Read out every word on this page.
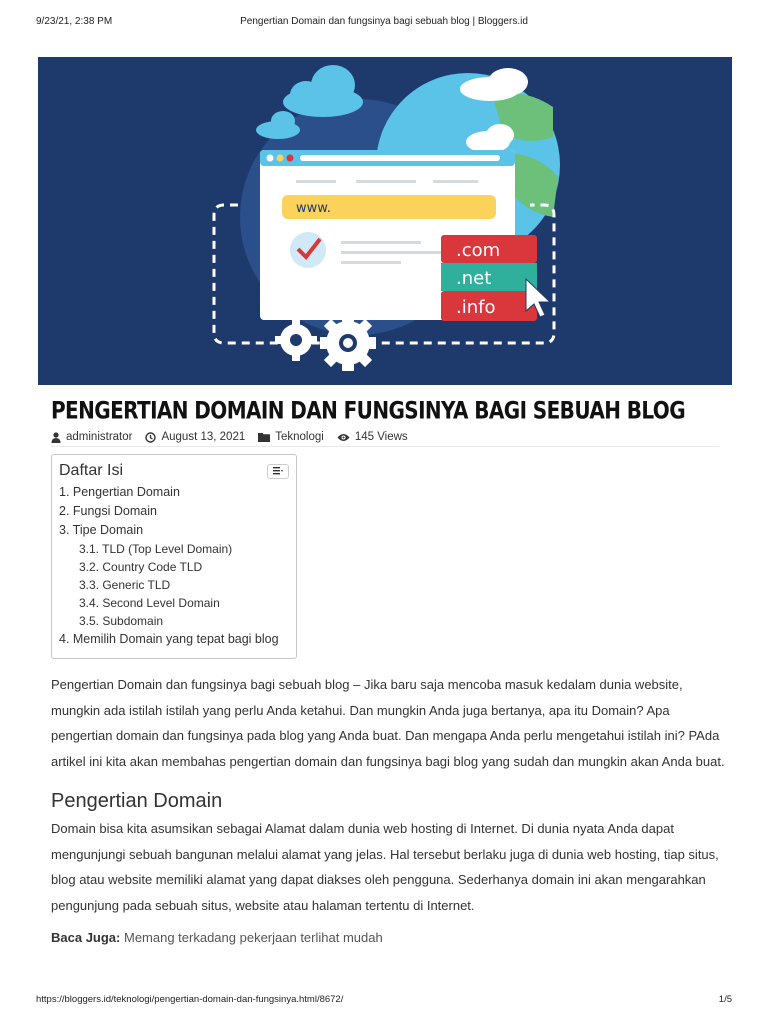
9/23/21, 2:38 PM	Pengertian Domain dan fungsinya bagi sebuah blog | Bloggers.id
www.
.com
.net
.info
PENGERTIAN DOMAIN DAN FUNGSINYA BAGI SEBUAH BLOG
administrator	August 13, 2021	Teknologi	145 Views
Daftar Isi
1. Pengertian Domain
2. Fungsi Domain
3. Tipe Domain
3.1. TLD (Top Level Domain)
3.2. Country Code TLD
3.3. Generic TLD
3.4. Second Level Domain
3.5. Subdomain
4. Memilih Domain yang tepat bagi blog

Pengertian Domain dan fungsinya bagi sebuah blog – Jika baru saja mencoba masuk kedalam dunia website, mungkin ada istilah istilah yang perlu Anda ketahui. Dan mungkin Anda juga bertanya, apa itu Domain? Apa pengertian domain dan fungsinya pada blog yang Anda buat. Dan mengapa Anda perlu mengetahui istilah ini? PAda artikel ini kita akan membahas pengertian domain dan fungsinya bagi blog yang sudah dan mungkin akan Anda buat.

Pengertian Domain

Domain bisa kita asumsikan sebagai Alamat dalam dunia web hosting di Internet. Di dunia nyata Anda dapat mengunjungi sebuah bangunan melalui alamat yang jelas. Hal tersebut berlaku juga di dunia web hosting, tiap situs, blog atau website memiliki alamat yang dapat diakses oleh pengguna. Sederhanya domain ini akan mengarahkan pengunjung pada sebuah situs, website atau halaman tertentu di Internet.

Baca Juga: Memang terkadang pekerjaan terlihat mudah

https://bloggers.id/teknologi/pengertian-domain-dan-fungsinya.html/8672/	1/5
